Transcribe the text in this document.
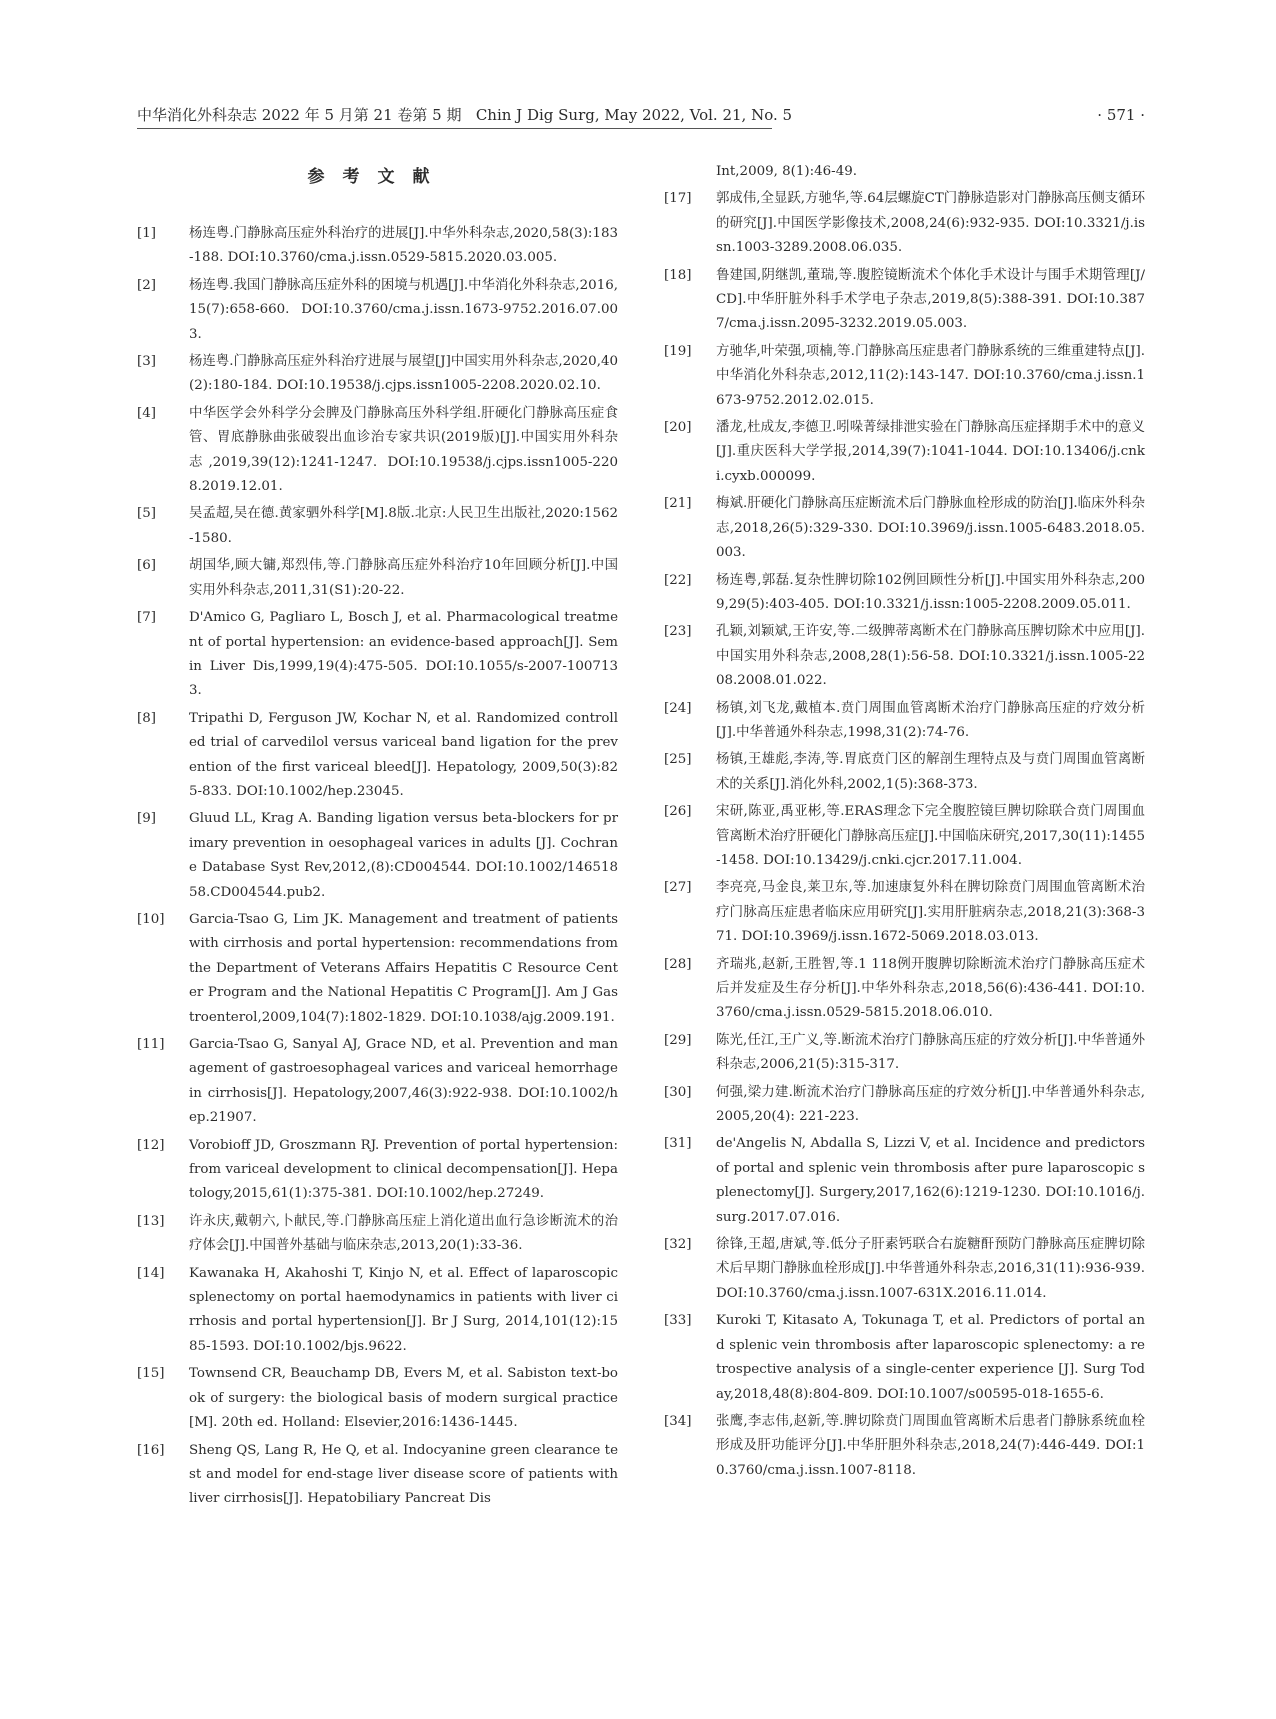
中华消化外科杂志 2022 年 5 月第 21 卷第 5 期 Chin J Dig Surg, May 2022, Vol. 21, No. 5	· 571 ·
参考文献
[1] 杨连粤.门静脉高压症外科治疗的进展[J].中华外科杂志,2020,58(3):183-188. DOI:10.3760/cma.j.issn.0529-5815.2020.03.005.
[2] 杨连粤.我国门静脉高压症外科的困境与机遇[J].中华消化外科杂志,2016,15(7):658-660. DOI:10.3760/cma.j.issn.1673-9752.2016.07.003.
[3] 杨连粤.门静脉高压症外科治疗进展与展望[J]中国实用外科杂志,2020,40(2):180-184. DOI:10.19538/j.cjps.issn1005-2208.2020.02.10.
[4] 中华医学会外科学分会脾及门静脉高压外科学组.肝硬化门静脉高压症食管、胃底静脉曲张破裂出血诊治专家共识(2019版)[J].中国实用外科杂志,2019,39(12):1241-1247. DOI:10.19538/j.cjps.issn1005-2208.2019.12.01.
[5] 吴孟超,吴在德.黄家驷外科学[M].8版.北京:人民卫生出版社,2020:1562-1580.
[6] 胡国华,顾大镛,郑烈伟,等.门静脉高压症外科治疗10年回顾分析[J].中国实用外科杂志,2011,31(S1):20-22.
[7] D'Amico G, Pagliaro L, Bosch J, et al. Pharmacological treatment of portal hypertension: an evidence-based approach[J]. Semin Liver Dis,1999,19(4):475-505. DOI:10.1055/s-2007-1007133.
[8] Tripathi D, Ferguson JW, Kochar N, et al. Randomized controlled trial of carvedilol versus variceal band ligation for the prevention of the first variceal bleed[J]. Hepatology, 2009,50(3):825-833. DOI:10.1002/hep.23045.
[9] Gluud LL, Krag A. Banding ligation versus beta-blockers for primary prevention in oesophageal varices in adults [J]. Cochrane Database Syst Rev,2012,(8):CD004544. DOI:10.1002/14651858.CD004544.pub2.
[10] Garcia-Tsao G, Lim JK. Management and treatment of patients with cirrhosis and portal hypertension: recommendations from the Department of Veterans Affairs Hepatitis C Resource Center Program and the National Hepatitis C Program[J]. Am J Gastroenterol,2009,104(7):1802-1829. DOI:10.1038/ajg.2009.191.
[11] Garcia-Tsao G, Sanyal AJ, Grace ND, et al. Prevention and management of gastroesophageal varices and variceal hemorrhage in cirrhosis[J]. Hepatology,2007,46(3):922-938. DOI:10.1002/hep.21907.
[12] Vorobioff JD, Groszmann RJ. Prevention of portal hypertension: from variceal development to clinical decompensation[J]. Hepatology,2015,61(1):375-381. DOI:10.1002/hep.27249.
[13] 许永庆,戴朝六,卜献民,等.门静脉高压症上消化道出血行急诊断流术的治疗体会[J].中国普外基础与临床杂志,2013,20(1):33-36.
[14] Kawanaka H, Akahoshi T, Kinjo N, et al. Effect of laparoscopic splenectomy on portal haemodynamics in patients with liver cirrhosis and portal hypertension[J]. Br J Surg, 2014,101(12):1585-1593. DOI:10.1002/bjs.9622.
[15] Townsend CR, Beauchamp DB, Evers M, et al. Sabiston text-book of surgery: the biological basis of modern surgical practice[M]. 20th ed. Holland: Elsevier,2016:1436-1445.
[16] Sheng QS, Lang R, He Q, et al. Indocyanine green clearance test and model for end-stage liver disease score of patients with liver cirrhosis[J]. Hepatobiliary Pancreat Dis
Int,2009, 8(1):46-49.
[17] 郭成伟,全显跃,方驰华,等.64层螺旋CT门静脉造影对门静脉高压侧支循环的研究[J].中国医学影像技术,2008,24(6):932-935. DOI:10.3321/j.issn.1003-3289.2008.06.035.
[18] 鲁建国,阴继凯,董瑞,等.腹腔镜断流术个体化手术设计与围手术期管理[J/CD].中华肝脏外科手术学电子杂志,2019,8(5):388-391. DOI:10.3877/cma.j.issn.2095-3232.2019.05.003.
[19] 方驰华,叶荣强,项楠,等.门静脉高压症患者门静脉系统的三维重建特点[J].中华消化外科杂志,2012,11(2):143-147. DOI:10.3760/cma.j.issn.1673-9752.2012.02.015.
[20] 潘龙,杜成友,李德卫.吲哚菁绿排泄实验在门静脉高压症择期手术中的意义[J].重庆医科大学学报,2014,39(7):1041-1044. DOI:10.13406/j.cnki.cyxb.000099.
[21] 梅斌.肝硬化门静脉高压症断流术后门静脉血栓形成的防治[J].临床外科杂志,2018,26(5):329-330. DOI:10.3969/j.issn.1005-6483.2018.05.003.
[22] 杨连粤,郭磊.复杂性脾切除102例回顾性分析[J].中国实用外科杂志,2009,29(5):403-405. DOI:10.3321/j.issn:1005-2208.2009.05.011.
[23] 孔颖,刘颖斌,王许安,等.二级脾蒂离断术在门静脉高压脾切除术中应用[J].中国实用外科杂志,2008,28(1):56-58. DOI:10.3321/j.issn.1005-2208.2008.01.022.
[24] 杨镇,刘飞龙,戴植本.贲门周围血管离断术治疗门静脉高压症的疗效分析[J].中华普通外科杂志,1998,31(2):74-76.
[25] 杨镇,王雄彪,李涛,等.胃底贲门区的解剖生理特点及与贲门周围血管离断术的关系[J].消化外科,2002,1(5):368-373.
[26] 宋研,陈亚,禹亚彬,等.ERAS理念下完全腹腔镜巨脾切除联合贲门周围血管离断术治疗肝硬化门静脉高压症[J].中国临床研究,2017,30(11):1455-1458. DOI:10.13429/j.cnki.cjcr.2017.11.004.
[27] 李亮亮,马金良,莱卫东,等.加速康复外科在脾切除贲门周围血管离断术治疗门脉高压症患者临床应用研究[J].实用肝脏病杂志,2018,21(3):368-371. DOI:10.3969/j.issn.1672-5069.2018.03.013.
[28] 齐瑞兆,赵新,王胜智,等.1 118例开腹脾切除断流术治疗门静脉高压症术后并发症及生存分析[J].中华外科杂志,2018,56(6):436-441. DOI:10.3760/cma.j.issn.0529-5815.2018.06.010.
[29] 陈光,任江,王广义,等.断流术治疗门静脉高压症的疗效分析[J].中华普通外科杂志,2006,21(5):315-317.
[30] 何强,梁力建.断流术治疗门静脉高压症的疗效分析[J].中华普通外科杂志,2005,20(4): 221-223.
[31] de'Angelis N, Abdalla S, Lizzi V, et al. Incidence and predictors of portal and splenic vein thrombosis after pure laparoscopic splenectomy[J]. Surgery,2017,162(6):1219-1230. DOI:10.1016/j.surg.2017.07.016.
[32] 徐锋,王超,唐斌,等.低分子肝素钙联合右旋糖酐预防门静脉高压症脾切除术后早期门静脉血栓形成[J].中华普通外科杂志,2016,31(11):936-939. DOI:10.3760/cma.j.issn.1007-631X.2016.11.014.
[33] Kuroki T, Kitasato A, Tokunaga T, et al. Predictors of portal and splenic vein thrombosis after laparoscopic splenectomy: a retrospective analysis of a single-center experience [J]. Surg Today,2018,48(8):804-809. DOI:10.1007/s00595-018-1655-6.
[34] 张鹰,李志伟,赵新,等.脾切除贲门周围血管离断术后患者门静脉系统血栓形成及肝功能评分[J].中华肝胆外科杂志,2018,24(7):446-449. DOI:10.3760/cma.j.issn.1007-8118.
